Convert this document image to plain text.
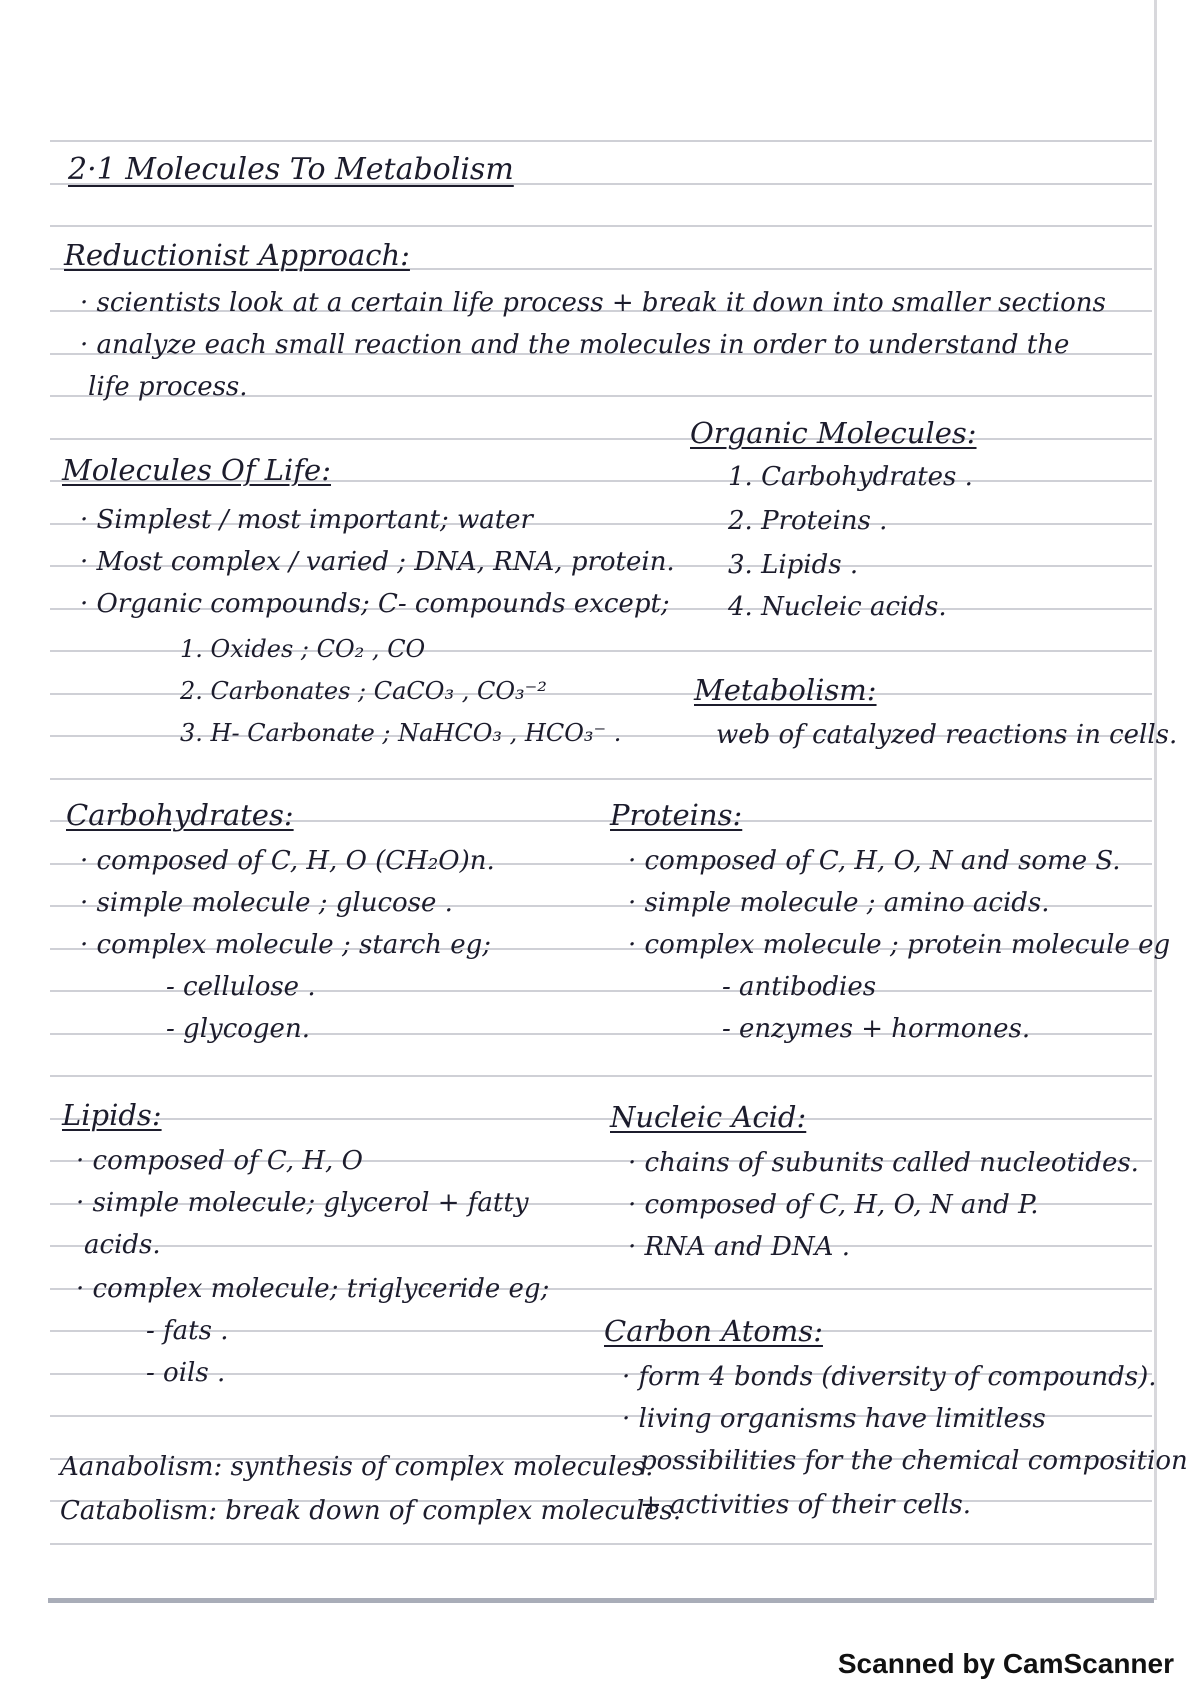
2·1 Molecules To Metabolism
Reductionist Approach:
· scientists look at a certain life process + break it down into smaller sections
· analyze each small reaction and the molecules in order to understand the
life process.
Organic Molecules:
1. Carbohydrates .
2. Proteins .
3. Lipids .
4. Nucleic acids.
Molecules Of Life:
· Simplest / most important; water
· Most complex / varied ; DNA, RNA, protein.
· Organic compounds; C- compounds except;
1. Oxides ; CO₂ , CO
2. Carbonates ; CaCO₃ , CO₃⁻²
3. H- Carbonate ; NaHCO₃ , HCO₃⁻ .
Metabolism:
web of catalyzed reactions in cells.
Carbohydrates:
· composed of C, H, O (CH₂O)n.
· simple molecule ; glucose .
· complex molecule ; starch eg;
- cellulose .
- glycogen.
Proteins:
· composed of C, H, O, N and some S.
· simple molecule ; amino acids.
· complex molecule ; protein molecule eg
- antibodies
- enzymes + hormones.
Lipids:
· composed of C, H, O
· simple molecule; glycerol + fatty
acids.
· complex molecule; triglyceride eg;
- fats .
- oils .
Nucleic Acid:
· chains of subunits called nucleotides.
· composed of C, H, O, N and P.
· RNA and DNA .
Carbon Atoms:
· form 4 bonds (diversity of compounds).
· living organisms have limitless
possibilities for the chemical composition
+ activities of their cells.
Aanabolism: synthesis of complex molecules.
Catabolism: break down of complex molecules.
Scanned by CamScanner
